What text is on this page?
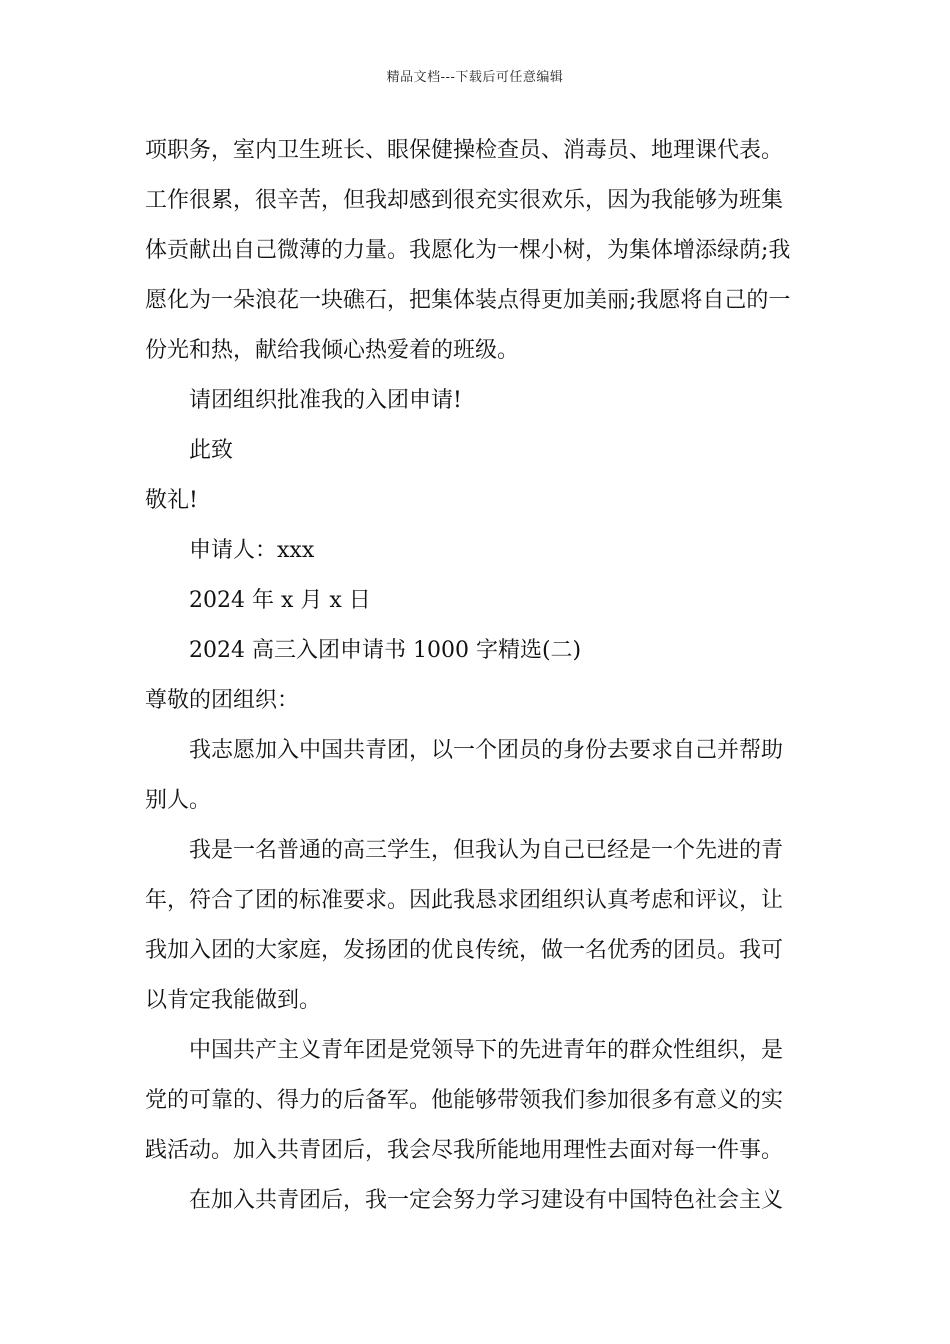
精品文档---下载后可任意编辑
项职务，室内卫生班长、眼保健操检查员、消毒员、地理课代表。
工作很累，很辛苦，但我却感到很充实很欢乐，因为我能够为班集
体贡献出自己微薄的力量。我愿化为一棵小树，为集体增添绿荫;我
愿化为一朵浪花一块礁石，把集体装点得更加美丽;我愿将自己的一
份光和热，献给我倾心热爱着的班级。
请团组织批准我的入团申请!
此致
敬礼!
申请人：xxx
2024 年 x 月 x 日
2024 高三入团申请书 1000 字精选(二)
尊敬的团组织：
我志愿加入中国共青团，以一个团员的身份去要求自己并帮助
别人。
我是一名普通的高三学生，但我认为自己已经是一个先进的青
年，符合了团的标准要求。因此我恳求团组织认真考虑和评议，让
我加入团的大家庭，发扬团的优良传统，做一名优秀的团员。我可
以肯定我能做到。
中国共产主义青年团是党领导下的先进青年的群众性组织，是
党的可靠的、得力的后备军。他能够带领我们参加很多有意义的实
践活动。加入共青团后，我会尽我所能地用理性去面对每一件事。
在加入共青团后，我一定会努力学习建设有中国特色社会主义
